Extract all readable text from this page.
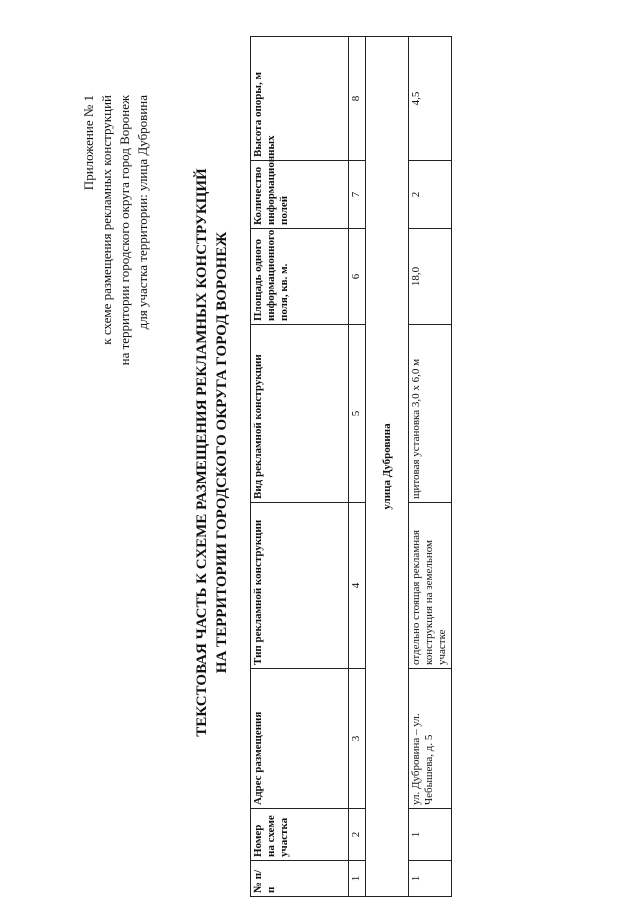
Приложение № 1 к схеме размещения рекламных конструкций на территории городского округа город Воронеж для участка территории: улица Дубровина	ТЕКСТОВАЯ ЧАСТЬ К СХЕМЕ РАЗМЕЩЕНИЯ РЕКЛАМНЫХ КОНСТРУКЦИЙ НА ТЕРРИТОРИИ ГОРОДСКОГО ОКРУГА ГОРОД ВОРОНЕЖ
№ п/п	Номер на схеме участка	Адрес размещения	Тип рекламной конструкции	Вид рекламной конструкции	Площадь одного информационного поля, кв. м.	Количество информационных полей	Высота опоры, м
1	2	3	4	5	6	7	8
улица Дубровина							
1	1	ул. Дубровина – ул. Чебышева, д. 5	отдельно стоящая рекламная конструкция на земельном участке	щитовая установка 3,0 х 6,0 м	18,0	2	4,5
